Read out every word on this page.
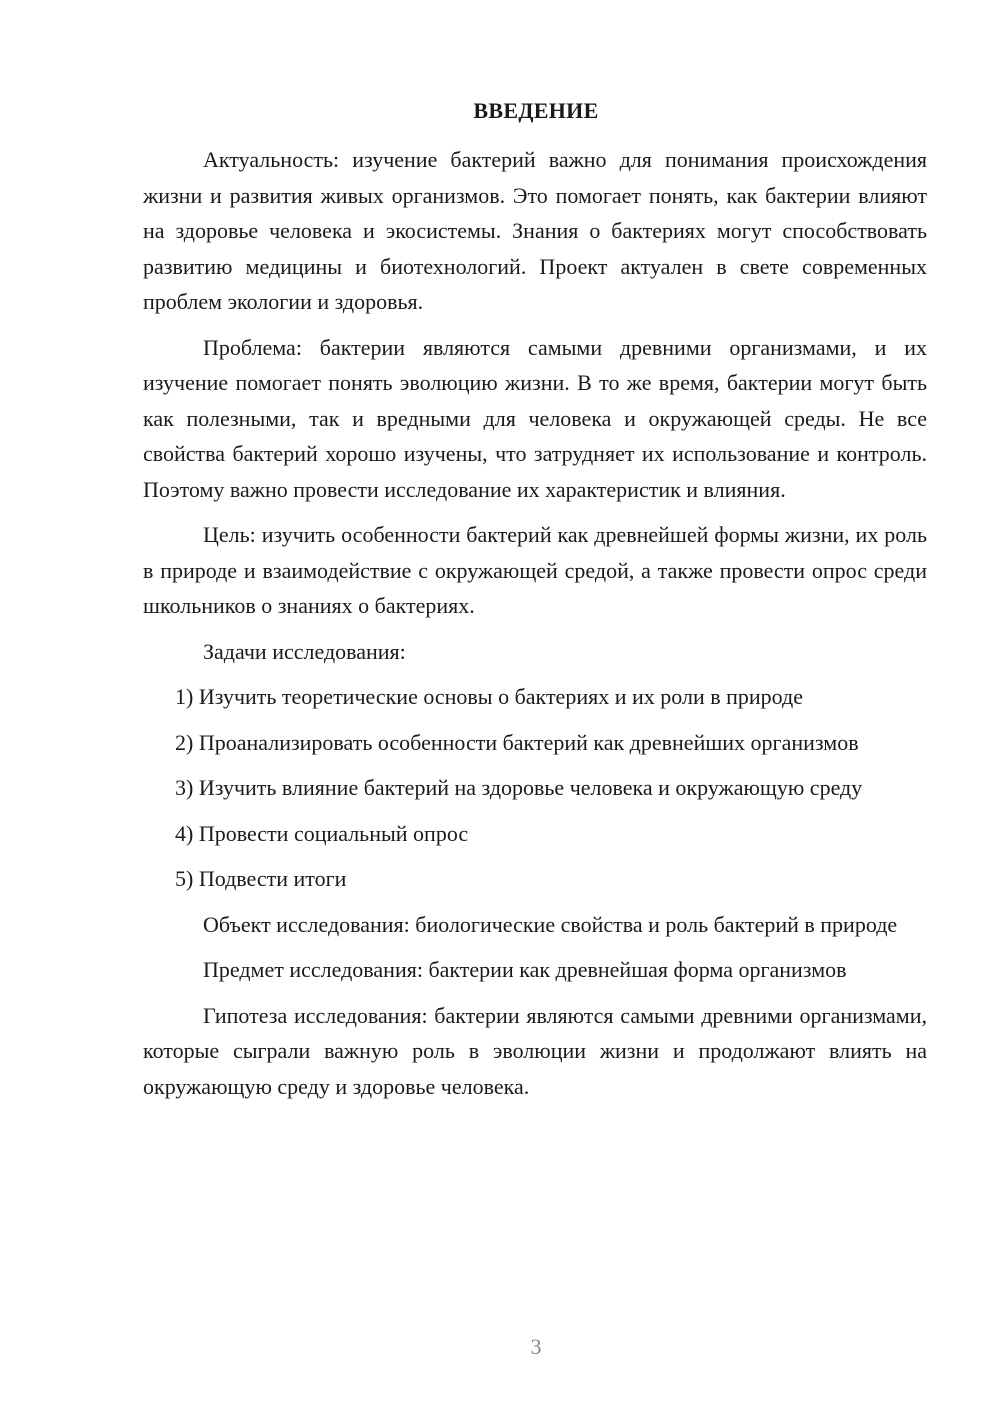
ВВЕДЕНИЕ

Актуальность: изучение бактерий важно для понимания происхождения жизни и развития живых организмов. Это помогает понять, как бактерии влияют на здоровье человека и экосистемы. Знания о бактериях могут способствовать развитию медицины и биотехнологий. Проект актуален в свете современных проблем экологии и здоровья.

Проблема: бактерии являются самыми древними организмами, и их изучение помогает понять эволюцию жизни. В то же время, бактерии могут быть как полезными, так и вредными для человека и окружающей среды. Не все свойства бактерий хорошо изучены, что затрудняет их использование и контроль. Поэтому важно провести исследование их характеристик и влияния.

Цель: изучить особенности бактерий как древнейшей формы жизни, их роль в природе и взаимодействие с окружающей средой, а также провести опрос среди школьников о знаниях о бактериях.

Задачи исследования:

1) Изучить теоретические основы о бактериях и их роли в природе

2) Проанализировать особенности бактерий как древнейших организмов

3) Изучить влияние бактерий на здоровье человека и окружающую среду

4) Провести социальный опрос

5) Подвести итоги

Объект исследования: биологические свойства и роль бактерий в природе

Предмет исследования: бактерии как древнейшая форма организмов

Гипотеза исследования: бактерии являются самыми древними организмами, которые сыграли важную роль в эволюции жизни и продолжают влиять на окружающую среду и здоровье человека.

3
